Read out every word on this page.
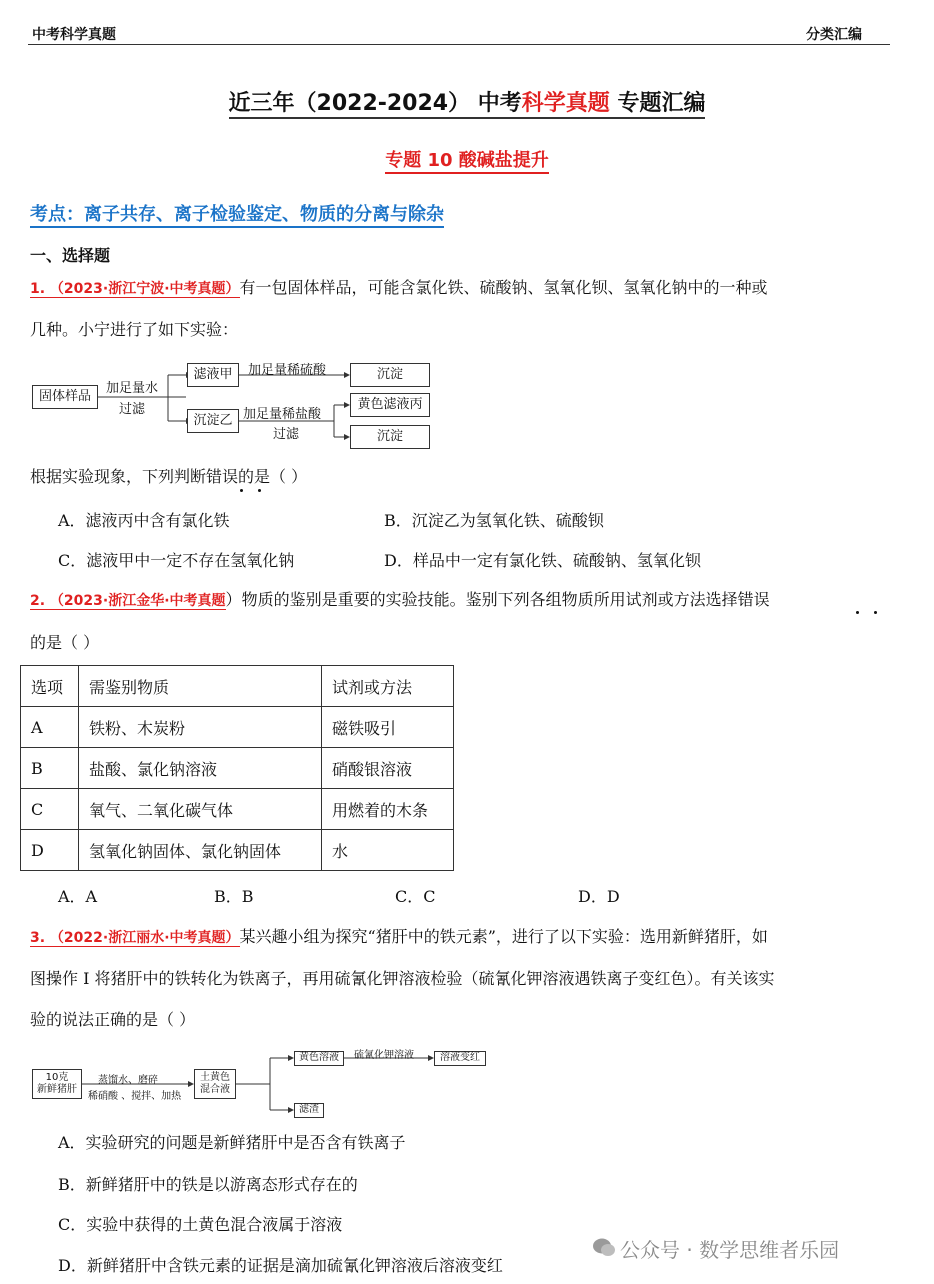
中考科学真题	分类汇编
近三年（2022-2024） 中考科学真题 专题汇编
专题 10 酸碱盐提升
考点：离子共存、离子检验鉴定、物质的分离与除杂
一、选择题
1. （2023·浙江宁波·中考真题）有一包固体样品，可能含氯化铁、硫酸钠、氢氧化钡、氢氧化钠中的一种或
几种。小宁进行了如下实验：
固体样品
加足量水
过滤
滤液甲
沉淀乙
加足量稀硫酸
加足量稀盐酸
过滤
沉淀
黄色滤液丙
沉淀
根据实验现象，下列判断错误的是（ ）
A．滤液丙中含有氯化铁	B．沉淀乙为氢氧化铁、硫酸钡
C．滤液甲中一定不存在氢氧化钠	D．样品中一定有氯化铁、硫酸钠、氢氧化钡
2. （2023·浙江金华·中考真题）物质的鉴别是重要的实验技能。鉴别下列各组物质所用试剂或方法选择错误
的是（ ）
选项	需鉴别物质	试剂或方法
A	铁粉、木炭粉	磁铁吸引
B	盐酸、氯化钠溶液	硝酸银溶液
C	氧气、二氧化碳气体	用燃着的木条
D	氢氧化钠固体、氯化钠固体	水
A．A	B．B	C．C	D．D
3. （2022·浙江丽水·中考真题）某兴趣小组为探究“猪肝中的铁元素”，进行了以下实验：选用新鲜猪肝，如
图操作 I 将猪肝中的铁转化为铁离子，再用硫氰化钾溶液检验（硫氰化钾溶液遇铁离子变红色）。有关该实
验的说法正确的是（ ）
10克
新鲜猪肝
蒸馏水、磨碎
稀硝酸 、搅拌、加热
土黄色
混合液
黄色溶液	硫氰化钾溶液	溶液变红
滤渣
A．实验研究的问题是新鲜猪肝中是否含有铁离子
B．新鲜猪肝中的铁是以游离态形式存在的
C．实验中获得的土黄色混合液属于溶液
D．新鲜猪肝中含铁元素的证据是滴加硫氰化钾溶液后溶液变红
公众号 · 数学思维者乐园
